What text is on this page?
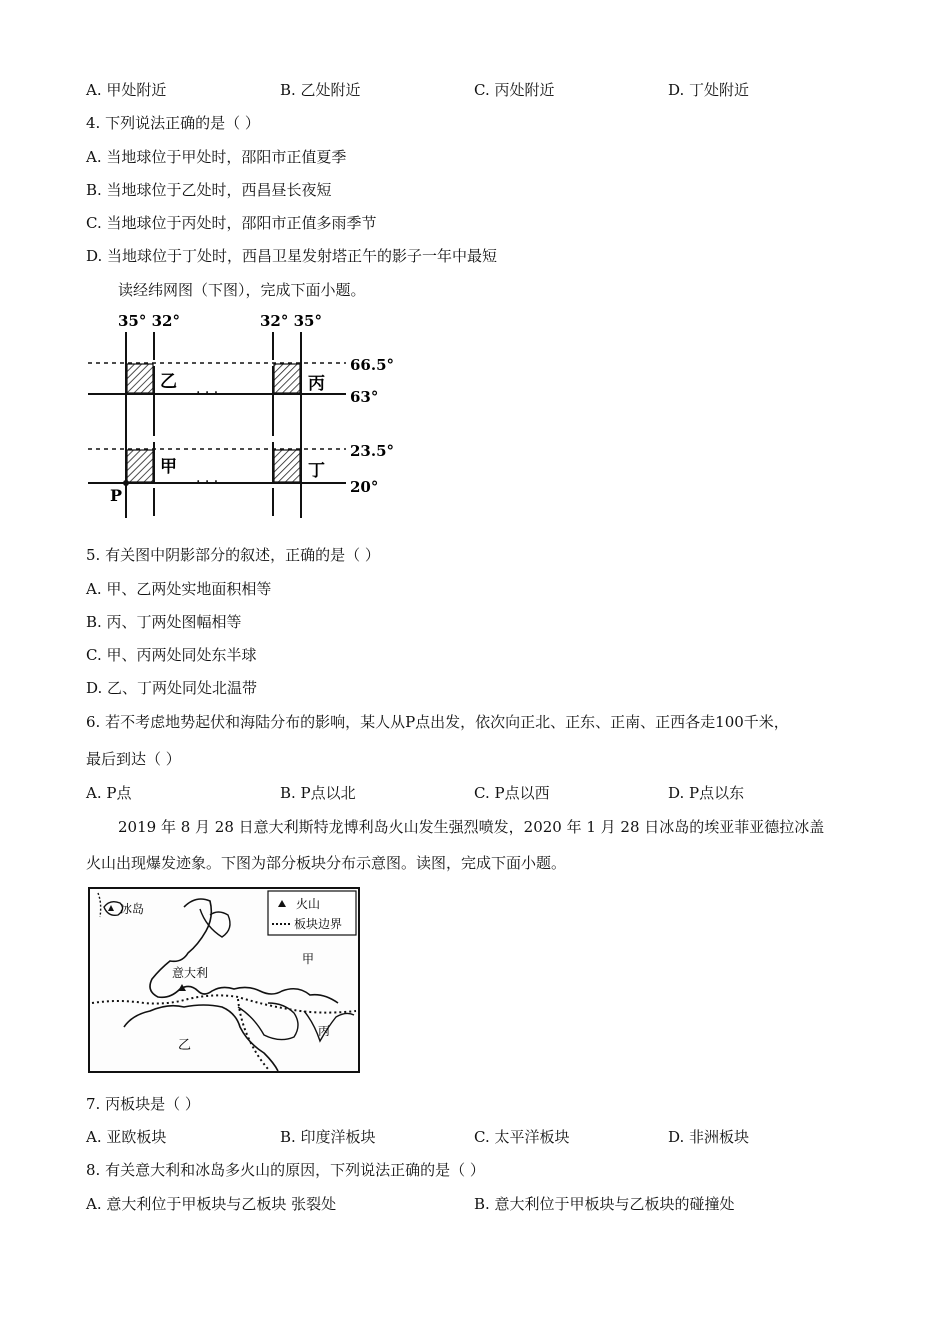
A. 甲处附近	B. 乙处附近	C. 丙处附近	D. 丁处附近
4. 下列说法正确的是（ ）
A. 当地球位于甲处时，邵阳市正值夏季
B. 当地球位于乙处时，西昌昼长夜短
C. 当地球位于丙处时，邵阳市正值多雨季节
D. 当地球位于丁处时，西昌卫星发射塔正午的影子一年中最短
读经纬网图（下图），完成下面小题。
35° 32°	32° 35°
乙	丙
甲	丁
· · ·
· · ·
66.5°
63°
23.5°
20°
P
5. 有关图中阴影部分的叙述，正确的是（ ）
A. 甲、乙两处实地面积相等
B. 丙、丁两处图幅相等
C. 甲、丙两处同处东半球
D. 乙、丁两处同处北温带
6. 若不考虑地势起伏和海陆分布的影响，某人从P点出发，依次向正北、正东、正南、正西各走100千米，
最后到达（ ）
A. P点	B. P点以北	C. P点以西	D. P点以东
2019 年 8 月 28 日意大利斯特龙博利岛火山发生强烈喷发，2020 年 1 月 28 日冰岛的埃亚菲亚德拉冰盖
火山出现爆发迹象。下图为部分板块分布示意图。读图，完成下面小题。
火山
板块边界
冰岛
意大利
甲
乙
丙
7. 丙板块是（ ）
A. 亚欧板块	B. 印度洋板块	C. 太平洋板块	D. 非洲板块
8. 有关意大利和冰岛多火山的原因，下列说法正确的是（ ）
A. 意大利位于甲板块与乙板块 张裂处	B. 意大利位于甲板块与乙板块的碰撞处
